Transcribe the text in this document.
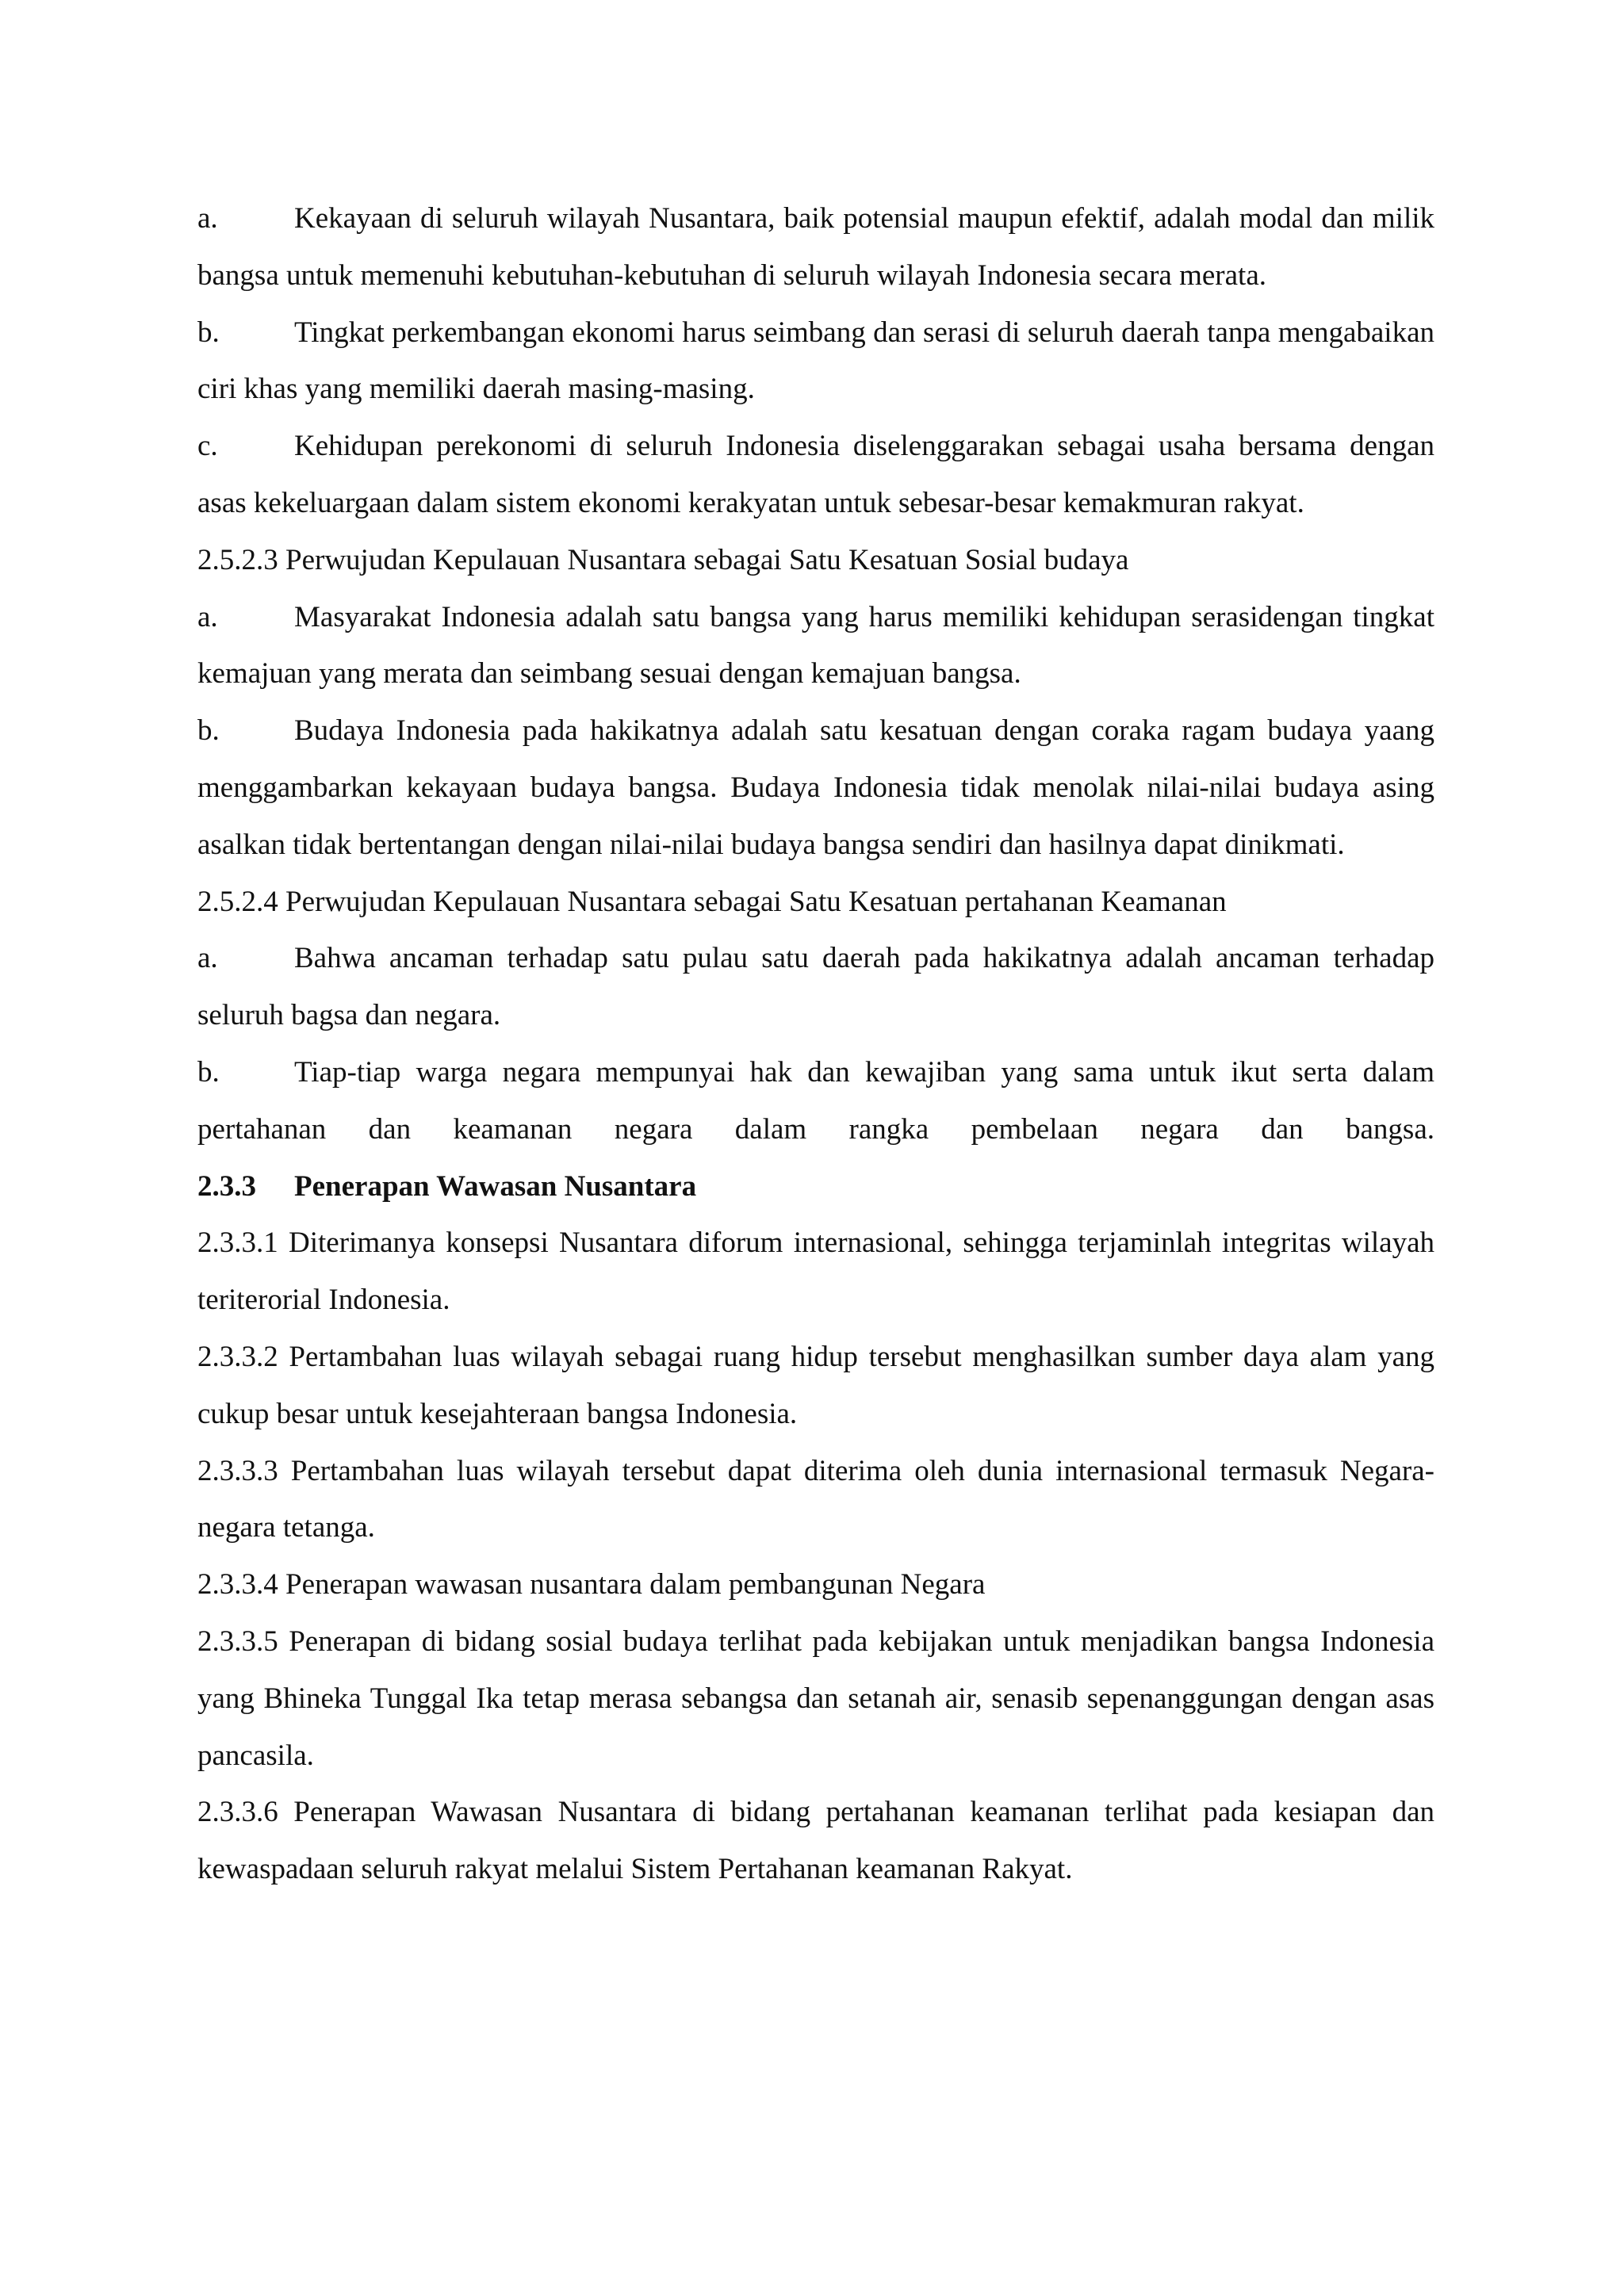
a.	Kekayaan di seluruh wilayah Nusantara, baik potensial maupun efektif, adalah modal dan milik bangsa untuk memenuhi kebutuhan-kebutuhan di seluruh wilayah Indonesia secara merata.

b.	Tingkat perkembangan ekonomi harus seimbang dan serasi di seluruh daerah tanpa mengabaikan ciri khas yang memiliki daerah masing-masing.

c.	Kehidupan perekonomi di seluruh Indonesia diselenggarakan sebagai usaha bersama dengan asas kekeluargaan dalam sistem ekonomi kerakyatan untuk sebesar-besar kemakmuran rakyat.

2.5.2.3 Perwujudan Kepulauan Nusantara sebagai Satu Kesatuan Sosial budaya

a.	Masyarakat Indonesia adalah satu bangsa yang harus memiliki kehidupan serasidengan tingkat kemajuan yang merata dan seimbang sesuai dengan kemajuan bangsa.

b.	Budaya Indonesia pada hakikatnya adalah satu kesatuan dengan coraka ragam budaya yaang menggambarkan kekayaan budaya bangsa. Budaya Indonesia tidak menolak nilai-nilai budaya asing asalkan tidak bertentangan dengan nilai-nilai budaya bangsa sendiri dan hasilnya dapat dinikmati.

2.5.2.4 Perwujudan Kepulauan Nusantara sebagai Satu Kesatuan pertahanan Keamanan

a.	Bahwa ancaman terhadap satu pulau satu daerah pada hakikatnya adalah ancaman terhadap seluruh bagsa dan negara.

b.	Tiap-tiap warga negara mempunyai hak dan kewajiban yang sama untuk ikut serta dalam pertahanan dan keamanan negara dalam rangka pembelaan negara dan bangsa.

2.3.3 Penerapan Wawasan Nusantara

2.3.3.1 Diterimanya konsepsi Nusantara diforum internasional, sehingga terjaminlah integritas wilayah teriterorial Indonesia.

2.3.3.2 Pertambahan luas wilayah sebagai ruang hidup tersebut menghasilkan sumber daya alam yang cukup besar untuk kesejahteraan bangsa Indonesia.

2.3.3.3 Pertambahan luas wilayah tersebut dapat diterima oleh dunia internasional termasuk Negara-negara tetanga.

2.3.3.4 Penerapan wawasan nusantara dalam pembangunan Negara

2.3.3.5 Penerapan di bidang sosial budaya terlihat pada kebijakan untuk menjadikan bangsa Indonesia yang Bhineka Tunggal Ika tetap merasa sebangsa dan setanah air, senasib sepenanggungan dengan asas pancasila.

2.3.3.6 Penerapan Wawasan Nusantara di bidang pertahanan keamanan terlihat pada kesiapan dan kewaspadaan seluruh rakyat melalui Sistem Pertahanan keamanan Rakyat.
